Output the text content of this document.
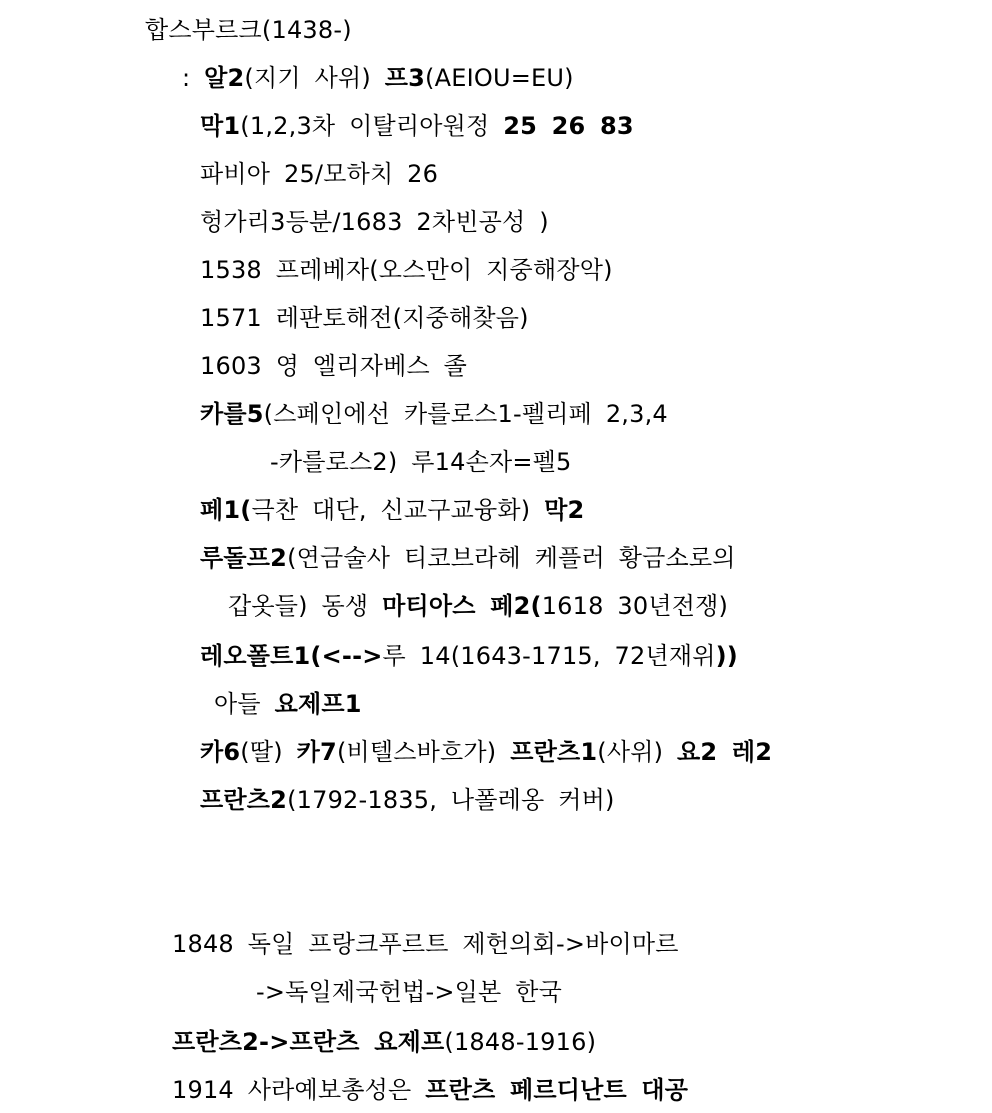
합스부르크(1438-)
: 알2(지기 사위) 프3(AEIOU=EU)
막1(1,2,3차 이탈리아원정 25 26 83
파비아 25/모하치 26
헝가리3등분/1683 2차빈공성 )
1538 프레베자(오스만이 지중해장악)
1571 레판토해전(지중해찾음)
1603 영 엘리자베스 졸
카를5(스페인에선 카를로스1-펠리페 2,3,4
-카를로스2) 루14손자=펠5
페1(극찬 대단, 신교구교융화) 막2
루돌프2(연금술사 티코브라헤 케플러 황금소로의
갑옷들) 동생 마티아스 페2(1618 30년전쟁)
레오폴트1(<-->루 14(1643-1715, 72년재위))
아들 요제프1
카6(딸) 카7(비텔스바흐가) 프란츠1(사위) 요2 레2
프란츠2(1792-1835, 나폴레옹 커버)
1848 독일 프랑크푸르트 제헌의회->바이마르
->독일제국헌법->일본 한국
프란츠2->프란츠 요제프(1848-1916)
1914 사라예보총성은 프란츠 페르디난트 대공
